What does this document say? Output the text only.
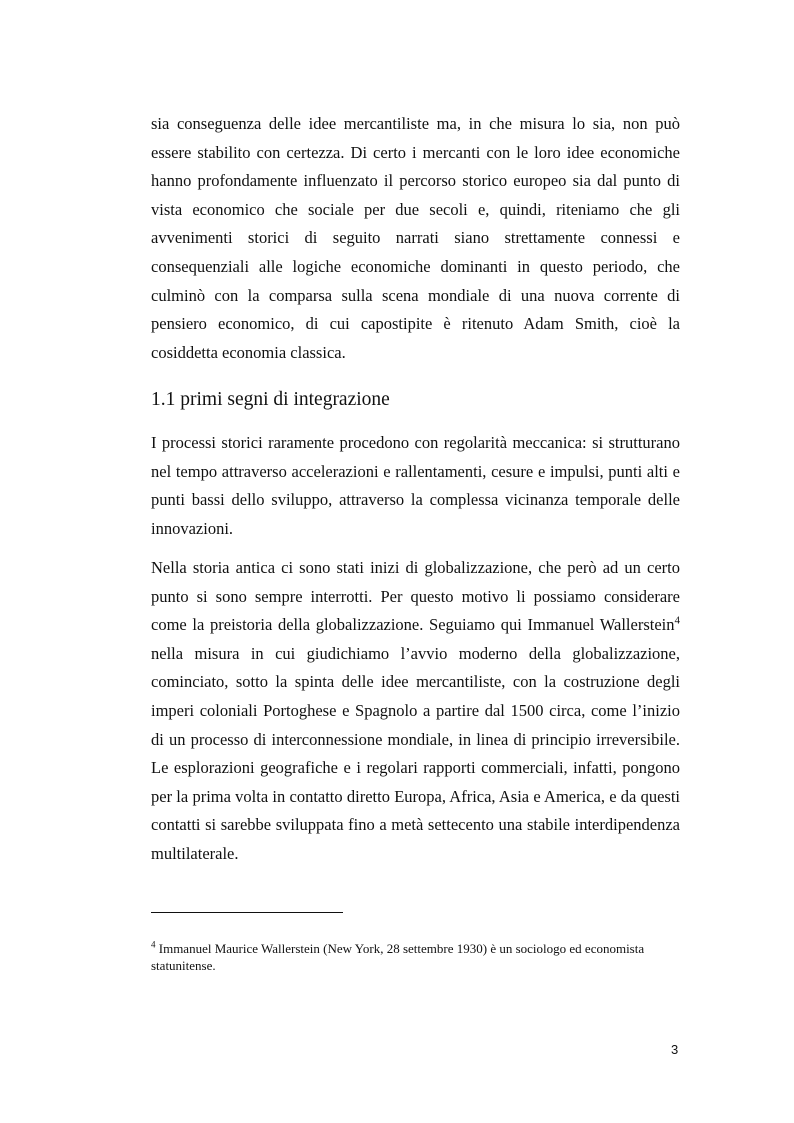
sia conseguenza delle idee mercantiliste ma, in che misura lo sia, non può essere stabilito con certezza. Di certo i mercanti con le loro idee economiche hanno profondamente influenzato il percorso storico europeo sia dal punto di vista economico che sociale per due secoli e, quindi, riteniamo che gli avvenimenti storici di seguito narrati siano strettamente connessi e consequenziali alle logiche economiche dominanti in questo periodo, che culminò con la comparsa sulla scena mondiale di una nuova corrente di pensiero economico, di cui capostipite è ritenuto Adam Smith, cioè la cosiddetta economia classica.

1.1 primi segni di integrazione

I processi storici raramente procedono con regolarità meccanica: si strutturano nel tempo attraverso accelerazioni e rallentamenti, cesure e impulsi, punti alti e punti bassi dello sviluppo, attraverso la complessa vicinanza temporale delle innovazioni.

Nella storia antica ci sono stati inizi di globalizzazione, che però ad un certo punto si sono sempre interrotti. Per questo motivo li possiamo considerare come la preistoria della globalizzazione. Seguiamo qui Immanuel Wallerstein$^4$ nella misura in cui giudichiamo l’avvio moderno della globalizzazione, cominciato, sotto la spinta delle idee mercantiliste, con la costruzione degli imperi coloniali Portoghese e Spagnolo a partire dal 1500 circa, come l’inizio di un processo di interconnessione mondiale, in linea di principio irreversibile. Le esplorazioni geografiche e i regolari rapporti commerciali, infatti, pongono per la prima volta in contatto diretto Europa, Africa, Asia e America, e da questi contatti si sarebbe sviluppata fino a metà settecento una stabile interdipendenza multilaterale.

$^4$ Immanuel Maurice Wallerstein (New York, 28 settembre 1930) è un sociologo ed economista statunitense.

3
